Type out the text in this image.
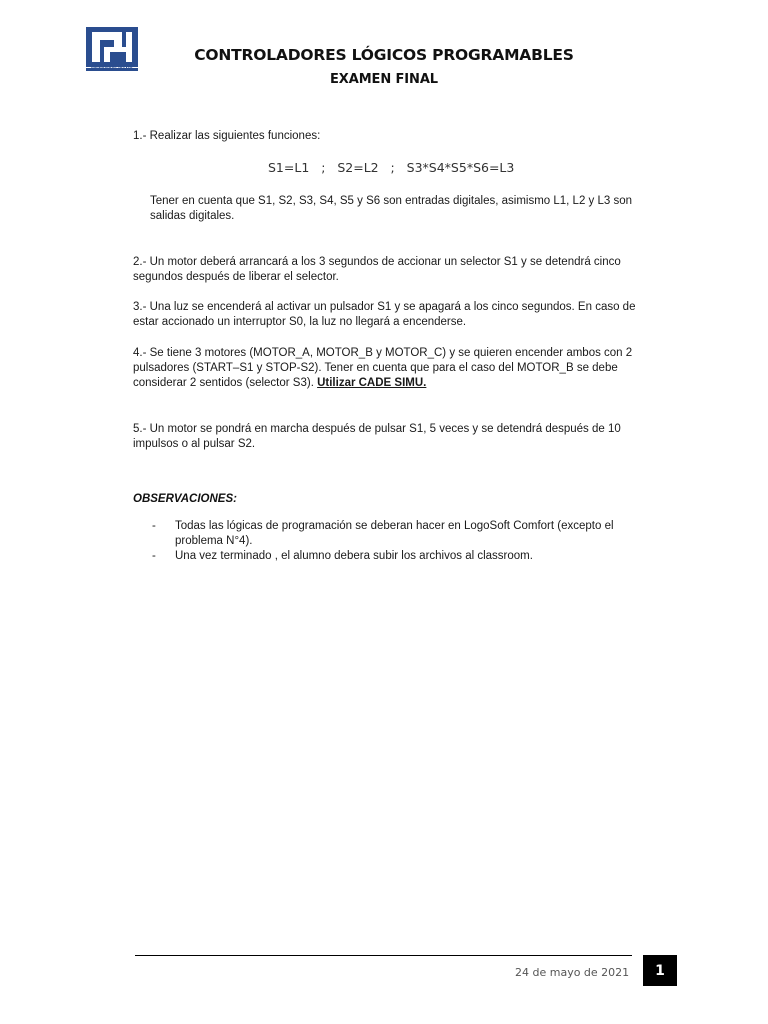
METROPOLITANO
CONTROLADORES LÓGICOS PROGRAMABLES
EXAMEN FINAL
1.- Realizar las siguientes funciones:
S1=L1   ;   S2=L2   ;   S3*S4*S5*S6=L3
Tener en cuenta que S1, S2, S3, S4, S5 y S6 son entradas digitales, asimismo L1, L2 y L3 son salidas digitales.
2.- Un motor deberá arrancará a los 3 segundos de accionar un selector S1 y se detendrá cinco segundos después de liberar el selector.
3.- Una luz se encenderá al activar un pulsador S1 y se apagará a los cinco segundos. En caso de estar accionado un interruptor S0, la luz no llegará a encenderse.
4.- Se tiene 3 motores (MOTOR_A, MOTOR_B y MOTOR_C) y se quieren encender ambos con 2 pulsadores (START–S1 y STOP-S2). Tener en cuenta que para el caso del MOTOR_B se debe considerar 2 sentidos (selector S3). Utilizar CADE SIMU.
5.- Un motor se pondrá en marcha después de pulsar S1, 5 veces y se detendrá después de 10 impulsos o al pulsar S2.
OBSERVACIONES:
- Todas las lógicas de programación se deberan hacer en LogoSoft Comfort (excepto el problema N°4).
- Una vez terminado , el alumno debera subir los archivos al classroom.
24 de mayo de 2021	1
